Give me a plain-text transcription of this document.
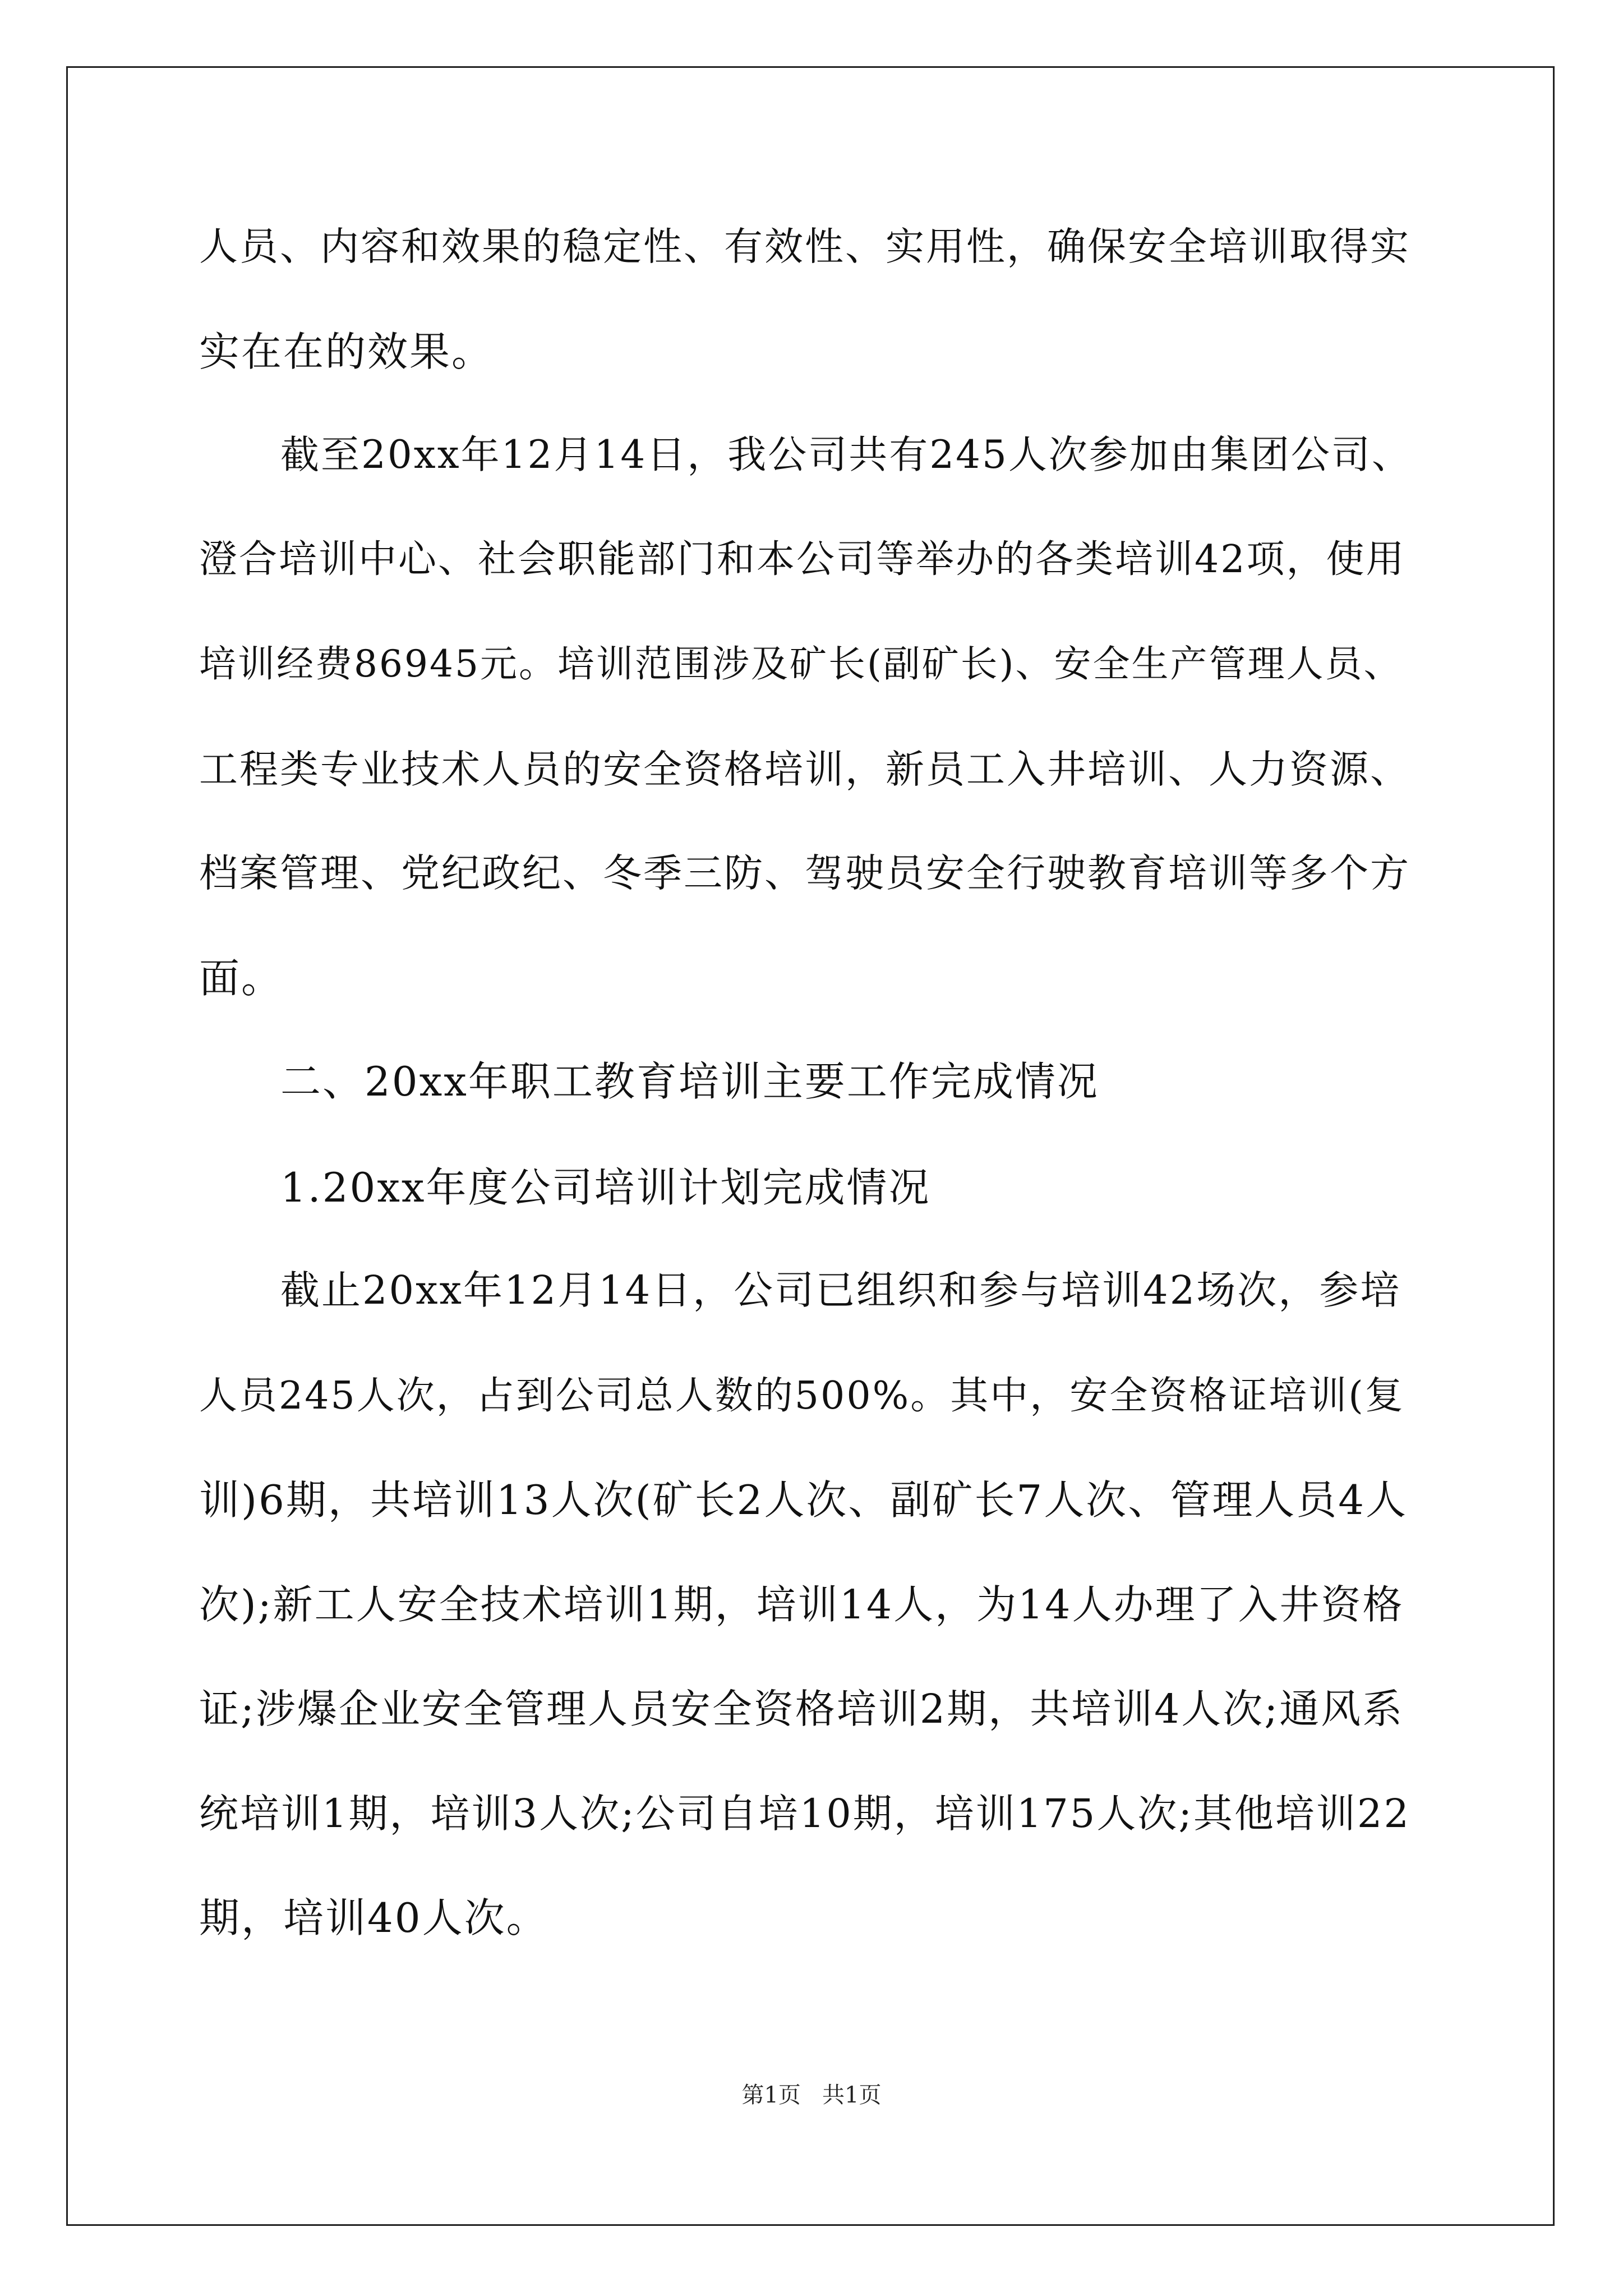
人员、内容和效果的稳定性、有效性、实用性，确保安全培训取得实
实在在的效果。
截至20xx年12月14日，我公司共有245人次参加由集团公司、
澄合培训中心、社会职能部门和本公司等举办的各类培训42项，使用
培训经费86945元。培训范围涉及矿长(副矿长)、安全生产管理人员、
工程类专业技术人员的安全资格培训，新员工入井培训、人力资源、
档案管理、党纪政纪、冬季三防、驾驶员安全行驶教育培训等多个方
面。
二、20xx年职工教育培训主要工作完成情况
1.20xx年度公司培训计划完成情况
截止20xx年12月14日，公司已组织和参与培训42场次，参培
人员245人次，占到公司总人数的500%。其中，安全资格证培训(复
训)6期，共培训13人次(矿长2人次、副矿长7人次、管理人员4人
次);新工人安全技术培训1期，培训14人，为14人办理了入井资格
证;涉爆企业安全管理人员安全资格培训2期，共培训4人次;通风系
统培训1期，培训3人次;公司自培10期，培训175人次;其他培训22
期，培训40人次。
第1页   共1页
